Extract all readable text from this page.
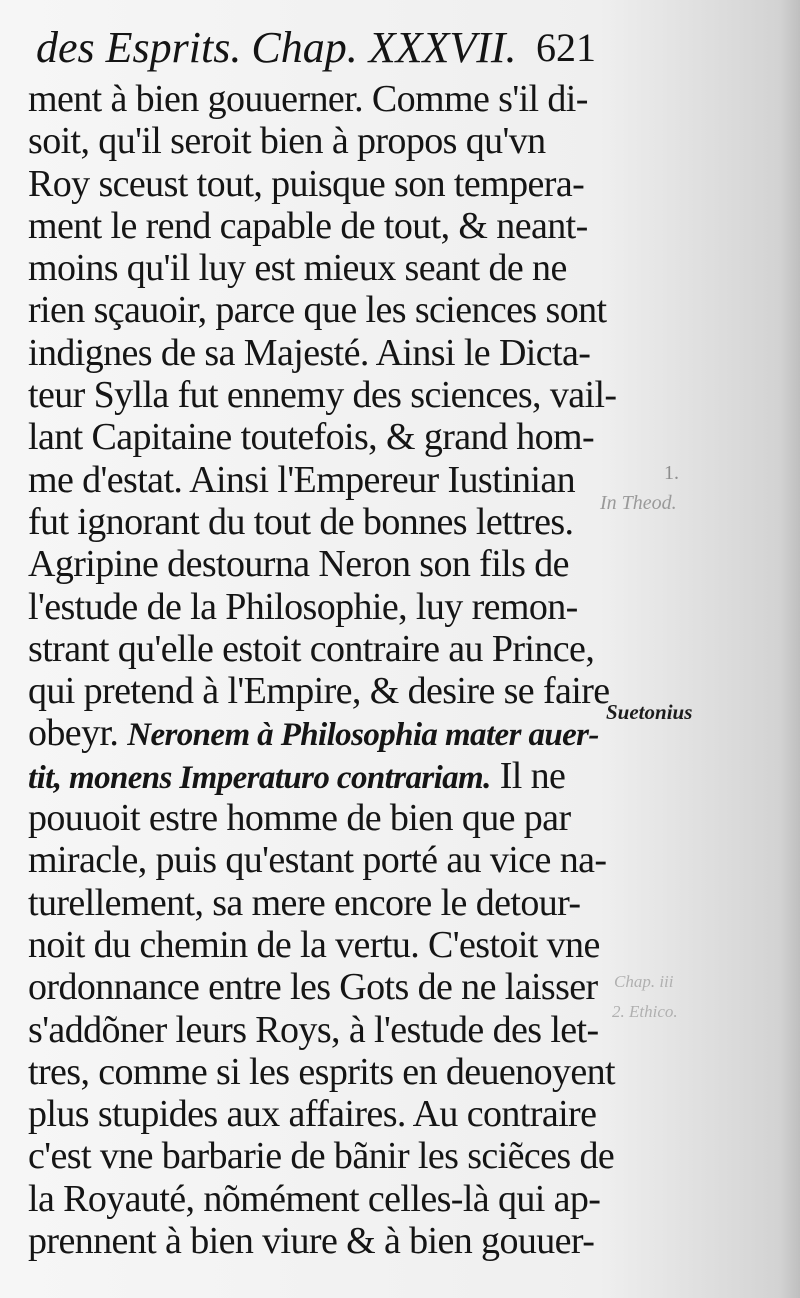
des Esprits. Chap. XXXVII. 621
ment à bien gouuerner. Comme s'il di-
soit, qu'il seroit bien à propos qu'vn
Roy sceust tout, puisque son tempera-
ment le rend capable de tout, & neant-
moins qu'il luy est mieux seant de ne
rien sçauoir, parce que les sciences sont
indignes de sa Majesté. Ainsi le Dicta-
teur Sylla fut ennemy des sciences, vail-
lant Capitaine toutefois, & grand hom-
me d'estat. Ainsi l'Empereur Iustinian
fut ignorant du tout de bonnes lettres.
Agripine destourna Neron son fils de
l'estude de la Philosophie, luy remon-
strant qu'elle estoit contraire au Prince,
qui pretend à l'Empire, & desire se faire
obeyr. Neronem à Philosophia mater auer-
tit, monens Imperaturo contrariam. Il ne
pouuoit estre homme de bien que par
miracle, puis qu'estant porté au vice na-
turellement, sa mere encore le detour-
noit du chemin de la vertu. C'estoit vne
ordonnance entre les Gots de ne laisser
s'addõner leurs Roys, à l'estude des let-
tres, comme si les esprits en deuenoyent
plus stupides aux affaires. Au contraire
c'est vne barbarie de bãnir les sciẽces de
la Royauté, nõmément celles-là qui ap-
prennent à bien viure & à bien gouuer-
1.
In Theod.
Suetonius
Chap. iii
2. Ethico.
